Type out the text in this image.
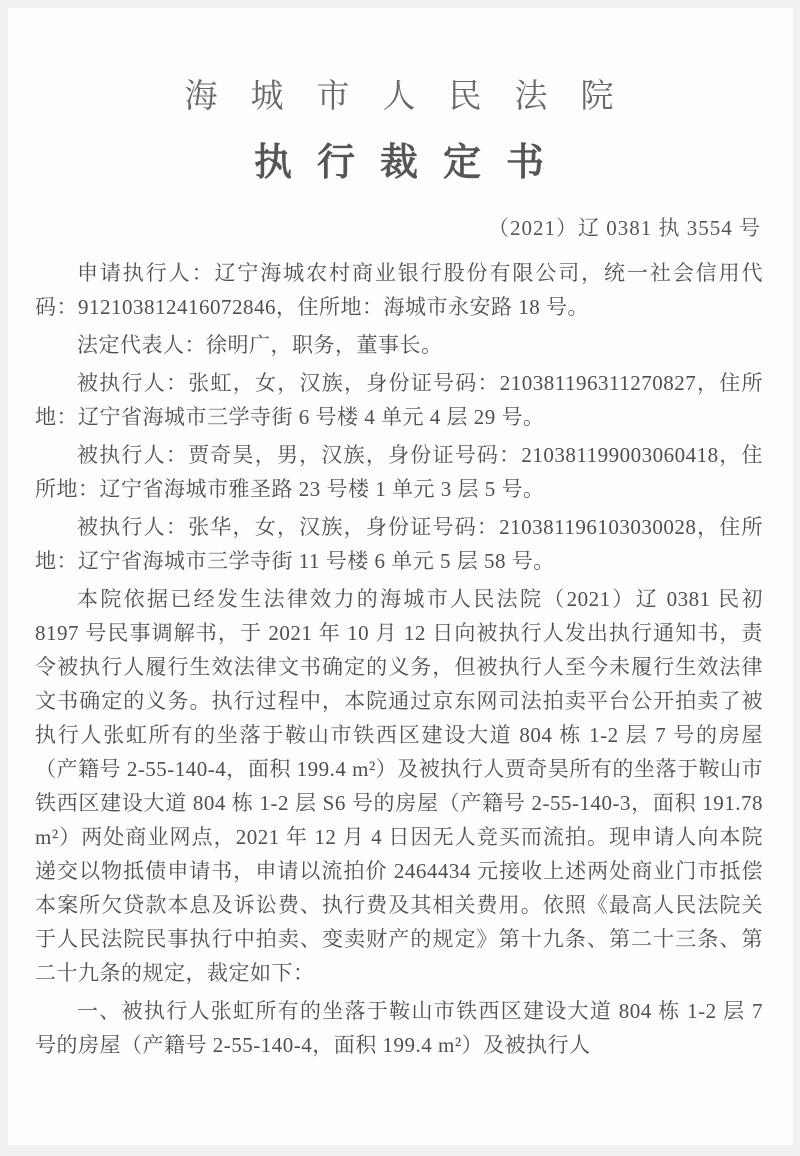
海城市人民法院
执行裁定书
（2021）辽 0381 执 3554 号

申请执行人：辽宁海城农村商业银行股份有限公司，统一社会信用代码：912103812416072846，住所地：海城市永安路 18 号。

法定代表人：徐明广，职务，董事长。

被执行人：张虹，女，汉族，身份证号码：210381196311270827，住所地：辽宁省海城市三学寺街 6 号楼 4 单元 4 层 29 号。

被执行人：贾奇昊，男，汉族，身份证号码：210381199003060418，住所地：辽宁省海城市雅圣路 23 号楼 1 单元 3 层 5 号。

被执行人：张华，女，汉族，身份证号码：210381196103030028，住所地：辽宁省海城市三学寺街 11 号楼 6 单元 5 层 58 号。

本院依据已经发生法律效力的海城市人民法院（2021）辽 0381 民初 8197 号民事调解书，于 2021 年 10 月 12 日向被执行人发出执行通知书，责令被执行人履行生效法律文书确定的义务，但被执行人至今未履行生效法律文书确定的义务。执行过程中，本院通过京东网司法拍卖平台公开拍卖了被执行人张虹所有的坐落于鞍山市铁西区建设大道 804 栋 1-2 层 7 号的房屋（产籍号 2-55-140-4，面积 199.4 m²）及被执行人贾奇昊所有的坐落于鞍山市铁西区建设大道 804 栋 1-2 层 S6 号的房屋（产籍号 2-55-140-3，面积 191.78 m²）两处商业网点，2021 年 12 月 4 日因无人竞买而流拍。现申请人向本院递交以物抵债申请书，申请以流拍价 2464434 元接收上述两处商业门市抵偿本案所欠贷款本息及诉讼费、执行费及其相关费用。依照《最高人民法院关于人民法院民事执行中拍卖、变卖财产的规定》第十九条、第二十三条、第二十九条的规定，裁定如下：

一、被执行人张虹所有的坐落于鞍山市铁西区建设大道 804 栋 1-2 层 7 号的房屋（产籍号 2-55-140-4，面积 199.4 m²）及被执行人
